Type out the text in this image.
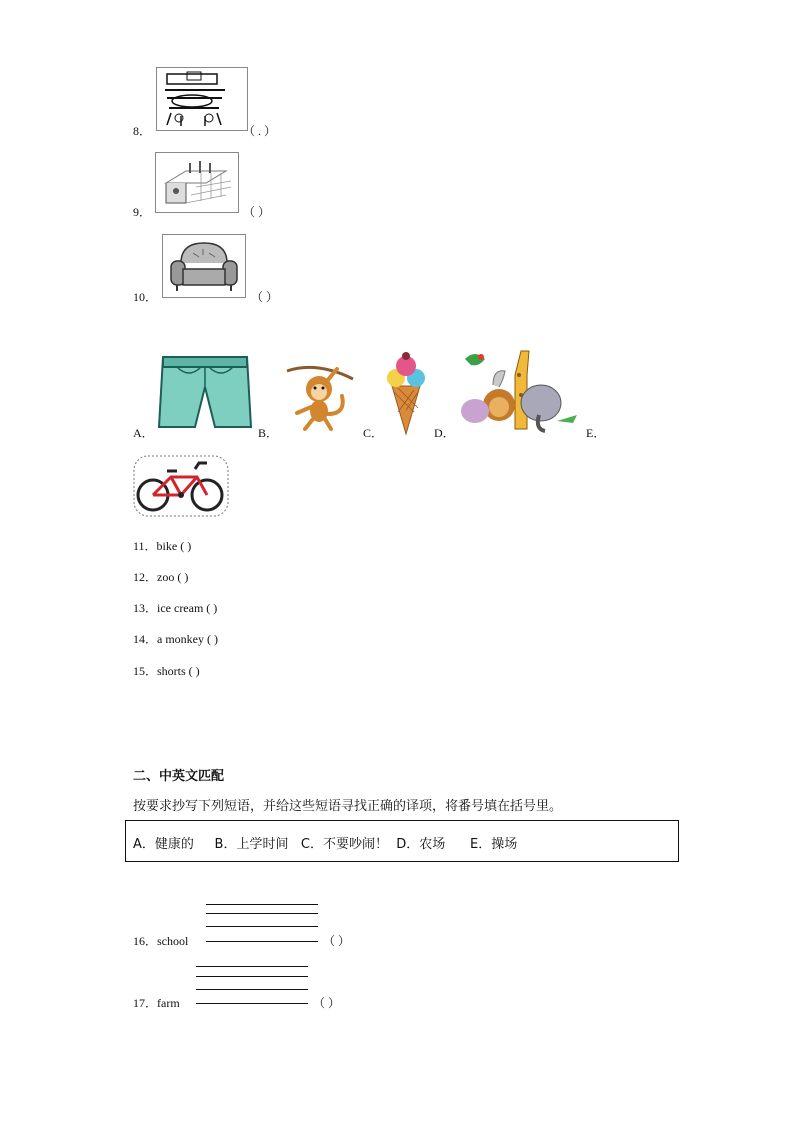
8．	（ . ）
9．	（ ）
10．	（ ）
A．	B．	C．	D．	E．
11．bike ( )
12．zoo ( )
13．ice cream ( )
14．a monkey ( )
15．shorts ( )
二、中英文匹配
按要求抄写下列短语，并给这些短语寻找正确的译项，将番号填在括号里。
A．健康的     B．上学时间   C．不要吵闹！  D．农场      E．操场
16．school	（ ）
17．farm	（ ）
